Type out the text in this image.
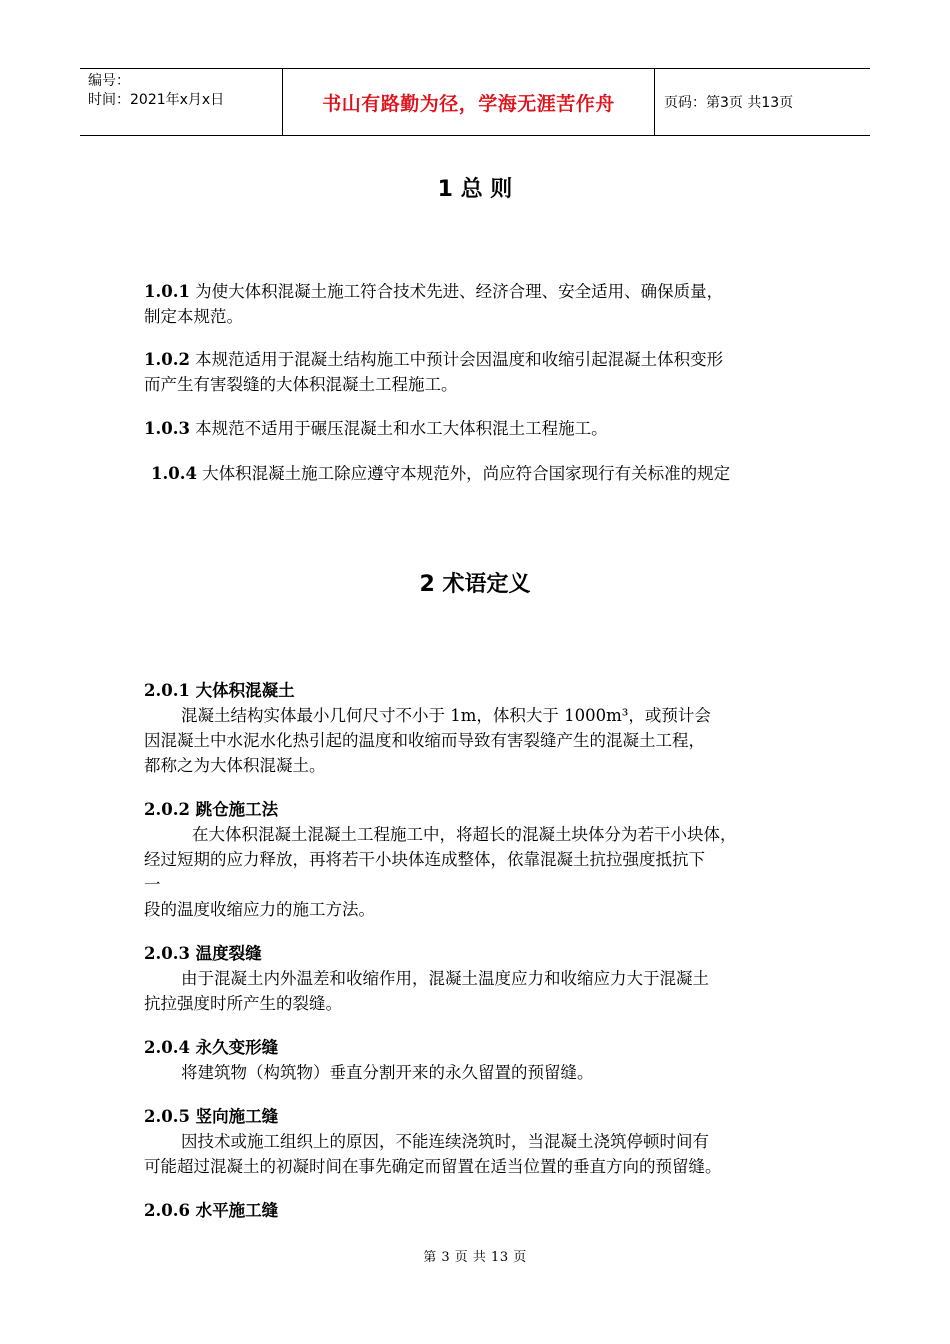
编号：
时间：2021年x月x日	书山有路勤为径，学海无涯苦作舟	页码：第3页 共13页
1 总 则
1.0.1 为使大体积混凝土施工符合技术先进、经济合理、安全适用、确保质量，
制定本规范。
1.0.2 本规范适用于混凝土结构施工中预计会因温度和收缩引起混凝土体积变形
而产生有害裂缝的大体积混凝土工程施工。
1.0.3 本规范不适用于碾压混凝土和水工大体积混土工程施工。
1.0.4 大体积混凝土施工除应遵守本规范外，尚应符合国家现行有关标准的规定
2 术语定义
2.0.1 大体积混凝土
混凝土结构实体最小几何尺寸不小于 1m，体积大于 1000m³，或预计会
因混凝土中水泥水化热引起的温度和收缩而导致有害裂缝产生的混凝土工程，
都称之为大体积混凝土。
2.0.2 跳仓施工法
在大体积混凝土混凝土工程施工中，将超长的混凝土块体分为若干小块体，
经过短期的应力释放，再将若干小块体连成整体，依靠混凝土抗拉强度抵抗下
一
段的温度收缩应力的施工方法。
2.0.3 温度裂缝
由于混凝土内外温差和收缩作用，混凝土温度应力和收缩应力大于混凝土
抗拉强度时所产生的裂缝。
2.0.4 永久变形缝
将建筑物（构筑物）垂直分割开来的永久留置的预留缝。
2.0.5 竖向施工缝
因技术或施工组织上的原因，不能连续浇筑时，当混凝土浇筑停顿时间有
可能超过混凝土的初凝时间在事先确定而留置在适当位置的垂直方向的预留缝。
2.0.6 水平施工缝
第 3 页 共 13 页
